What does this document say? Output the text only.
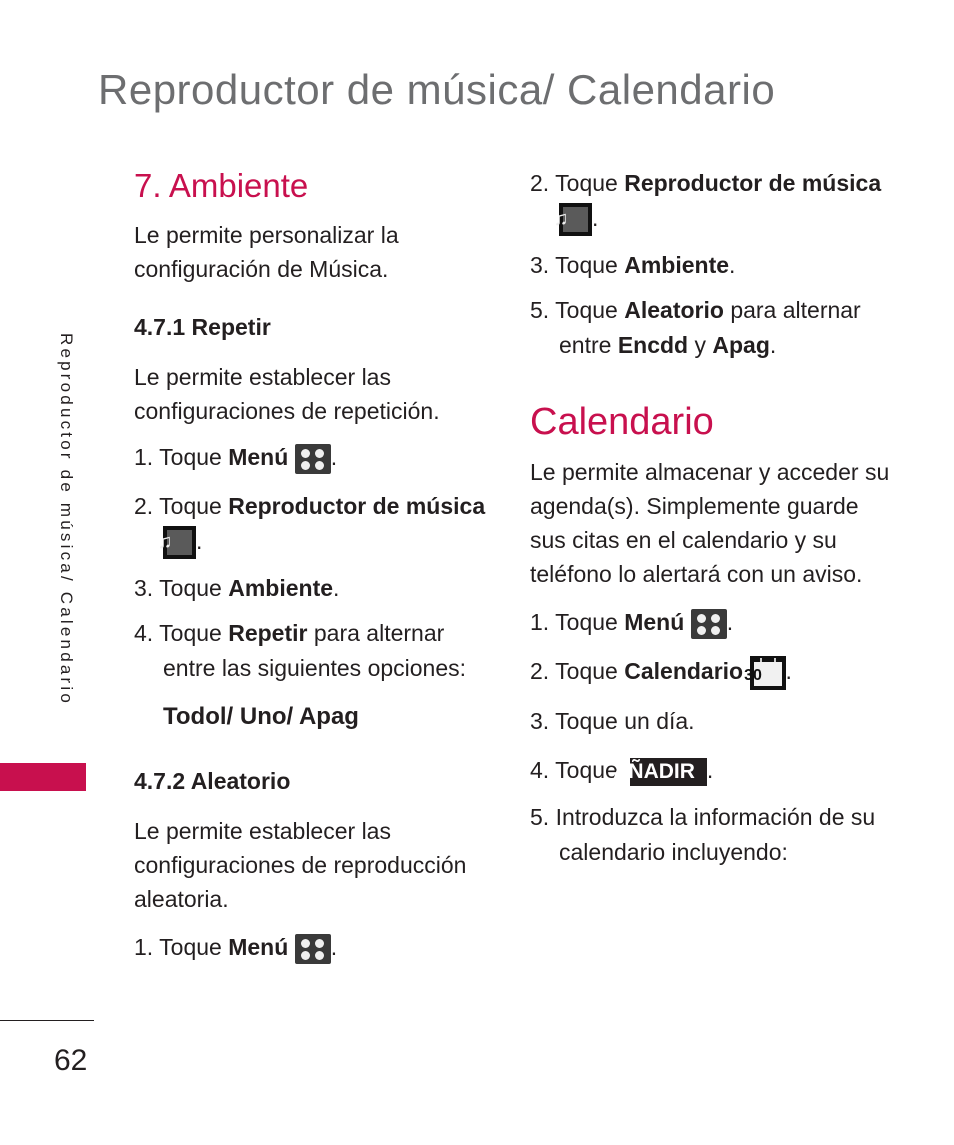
Reproductor de música/ Calendario
Reproductor de música/ Calendario
62
7. Ambiente

Le permite personalizar la configuración de Música.

4.7.1 Repetir

Le permite establecer las configuraciones de repetición.

1. Toque Menú .

2. Toque Reproductor de música
♫	.

3. Toque Ambiente.

4. Toque Repetir para alternar entre las siguientes opciones:

Todol/ Uno/ Apag

4.7.2 Aleatorio

Le permite establecer las configuraciones de reproducción aleatoria.

1. Toque Menú .

2. Toque Reproductor de música
♫	.

3. Toque Ambiente.

5. Toque Aleatorio para alternar entre Encdd y Apag.

Calendario

Le permite almacenar y acceder su agenda(s). Simplemente guarde sus citas en el calendario y su teléfono lo alertará con un aviso.

1. Toque Menú .

2. Toque Calendario 30	.

3. Toque un día.

4. Toque AÑADIR .

5. Introduzca la información de su calendario incluyendo:
